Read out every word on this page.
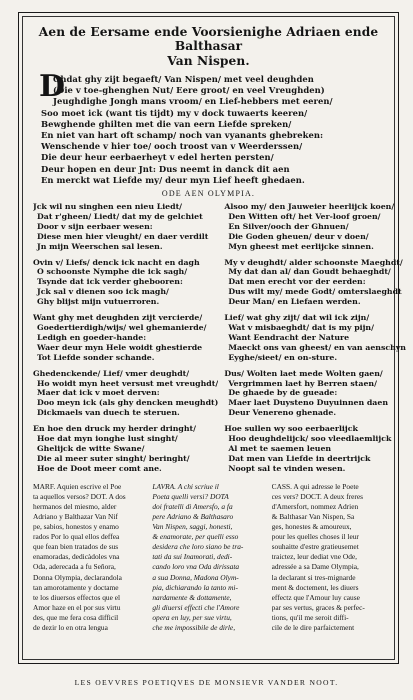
Aen de Eersame ende Voorsienighe Adriaen ende Balthasar
Van Nispen.
D
Ohdat ghy zijt begaeft/ Van Nispen/ met veel deughden
(Die v toe-ghenghen Nut/ Eere groot/ en veel Vreughden)
Jeughdighe Jongh mans vroom/ en Lief-hebbers met eeren/
Soo moet ick (want tis tijdt) my v dock tuwaerts keeren/
Bewghende ghilten met die van eern Liefde spreken/
En niet van hart oft schamp/ noch van vyanants ghebreken:
Wenschende v hier toe/ ooch troost van v Weerderssen/
Die deur heur eerbaerheyt v edel herten persten/
Deur hopen en deur Jnt: Dus neemt in danck dit aen
En merckt wat Liefde my/ deur myn Lief heeft ghedaen.
ODE AEN OLYMPIA.
Jck wil nu singhen een nieu Liedt/
Dat r'gheen/ Liedt/ dat my de gelchiet
Door v sijn eerbaer wesen:
Diese men hier vleught/ en daer verdilt
Jn mijn Weerschen sal lesen.
Ovin v/ Liefs/ denck ick nacht en dagh
O schoonste Nymphe die ick sagh/
Tsynde dat ick verder ghebooren:
Jck sal v dienen soo ick magh/
Ghy blijst mijn vutuerroren.
Want ghy met deughden zijt vercierde/
Goedertierdigh/wijs/ wel ghemanierde/
Ledigh en goeder-hande:
Waer deur myn Hele woidt ghestierde
Tot Liefde sonder schande.
Ghedenckende/ Lief/ vmer deughdt/
Ho woidt myn heet versust met vreughdt/
Maer dat ick v moet derven:
Doo meyn ick (als ghy dencken meughdt)
Dickmaels van duech te steruen.
En hoe den druck my herder dringht/
Hoe dat myn ionghe lust singht/
Ghelijck de witte Swane/
Die al meer suter singht/ beringht/
Hoe de Doot meer comt ane.
Alsoo my/ den Jauweier heerlijck koen/
Den Witten oft/ het Ver-loof groen/
En Silver/ooch der Ghnuen/
Die Goden gheuen/ deur v doen/
Myn gheest met eerlijcke sinnen.
My v deughdt/ alder schoonste Maeghdt/
My dat dan al/ dan Goudt behaeghdt/
Dat men erecht vor der eerden:
Dus wilt my/ mede Godt/ omterslaeghdt
Deur Man/ en Liefaen werden.
Lief/ wat ghy zijt/ dat wil ick zijn/
Wat v misbaeghdt/ dat is my pijn/
Want Eendracht der Nature
Maeckt ons van gheest/ en van aenschyn
Eyghe/sieet/ en on-sture.
Dus/ Wolten laet mede Wolten gaen/
Vergrimmen laet hy Berren staen/
De ghaede by de gueade:
Maer laet Duysteno Duyuinnen daen
Deur Venereno ghenade.
Hoe sullen wy soo eerbaerlijck
Hoo deughdelijck/ soo vleedlaemlijck
Al met te saemen leuen
Dat men van Liefde in deertrijck
Noopt sal te vinden wesen.
MARF. Aquien escrive el Poe
ta aquellos versos? DOT. A dos
hermanos del miesmo, alder
Adriano y Balthazar Van Nif
pe, sabios, honestos y enamo
rados Por lo qual ellos deffea
que fean bien tratados de sus
enamoradas, dedicàdoles vna
Oda, aderecada a fu Señora,
Donna Olympia, declarandola
tan amorotamente y doctame
te los diuersos effectos que el
Amor haze en el por sus virtu
des, que me fera cosa difficil
de dezir lo en otra lengua
LAVRA. A chi scriue il
Poeta quelli versi? DOTA
doi fratelli di Amersfo, a fa
pere Adriano & Balthasaro
Van Nispen, saggi, honesti,
& enamorate, per quelli esso
desidera che loro siano be tra-
tati da sui Inamorati, dedi-
cando loro vna Oda dirissata
a sua Donna, Madona Olym-
pia, dichiarando la tanto mi-
nardamente & dottamente,
gli diuersi effecti che l'Amore
opera en luy, per sue virtu,
che me impossibile de dirle,
CASS. A qui adresse le Poete
ces vers? DOCT. A deux freres
d'Amersfort, nommez Adrien
& Balthasar Van Nispen, Sa
ges, honestes & amoureux,
pour les quelles choses il leur
souhaitte d'estre gratieusemet
traictez, leur dediat vne Ode,
adressée a sa Dame Olympia,
la declarant si tres-mignarde
ment & doctement, les diuers
effectz que l'Amour luy cause
par ses vertus, graces & perfec-
tions, qu'il me seroit diffi-
cile de le dire parfaictement
LES OEVVRES POETIQVES DE MONSIEVR VANDER NOOT.
